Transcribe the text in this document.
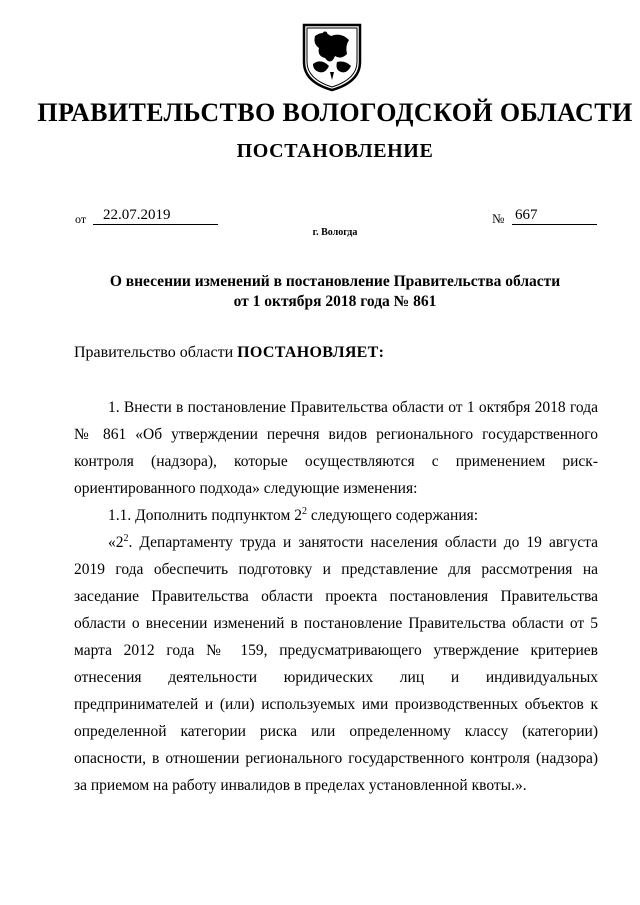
ПРАВИТЕЛЬСТВО ВОЛОГОДСКОЙ ОБЛАСТИ
ПОСТАНОВЛЕНИЕ
от	22.07.2019	№ 667
г. Вологда
О внесении изменений в постановление Правительства области
от 1 октября 2018 года № 861
Правительство области ПОСТАНОВЛЯЕТ:

1. Внести в постановление Правительства области от 1 октября 2018 года № 861 «Об утверждении перечня видов регионального государственного контроля (надзора), которые осуществляются с применением риск-ориентированного подхода» следующие изменения:

1.1. Дополнить подпунктом $2^2$ следующего содержания:

«$2^2$. Департаменту труда и занятости населения области до 19 августа 2019 года обеспечить подготовку и представление для рассмотрения на заседание Правительства области проекта постановления Правительства области о внесении изменений в постановление Правительства области от 5 марта 2012 года № 159, предусматривающего утверждение критериев отнесения деятельности юридических лиц и индивидуальных предпринимателей и (или) используемых ими производственных объектов к определенной категории риска или определенному классу (категории) опасности, в отношении регионального государственного контроля (надзора) за приемом на работу инвалидов в пределах установленной квоты.».
